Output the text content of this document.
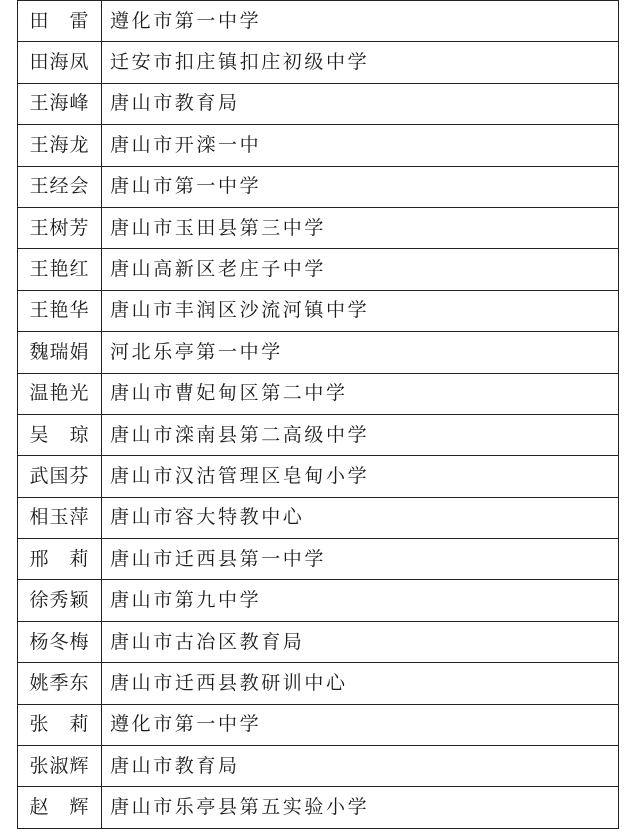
田　雷	遵化市第一中学
田海凤	迁安市扣庄镇扣庄初级中学
王海峰	唐山市教育局
王海龙	唐山市开滦一中
王经会	唐山市第一中学
王树芳	唐山市玉田县第三中学
王艳红	唐山高新区老庄子中学
王艳华	唐山市丰润区沙流河镇中学
魏瑞娟	河北乐亭第一中学
温艳光	唐山市曹妃甸区第二中学
吴　琼	唐山市滦南县第二高级中学
武国芬	唐山市汉沽管理区皂甸小学
相玉萍	唐山市容大特教中心
邢　莉	唐山市迁西县第一中学
徐秀颖	唐山市第九中学
杨冬梅	唐山市古冶区教育局
姚季东	唐山市迁西县教研训中心
张　莉	遵化市第一中学
张淑辉	唐山市教育局
赵　辉	唐山市乐亭县第五实验小学
